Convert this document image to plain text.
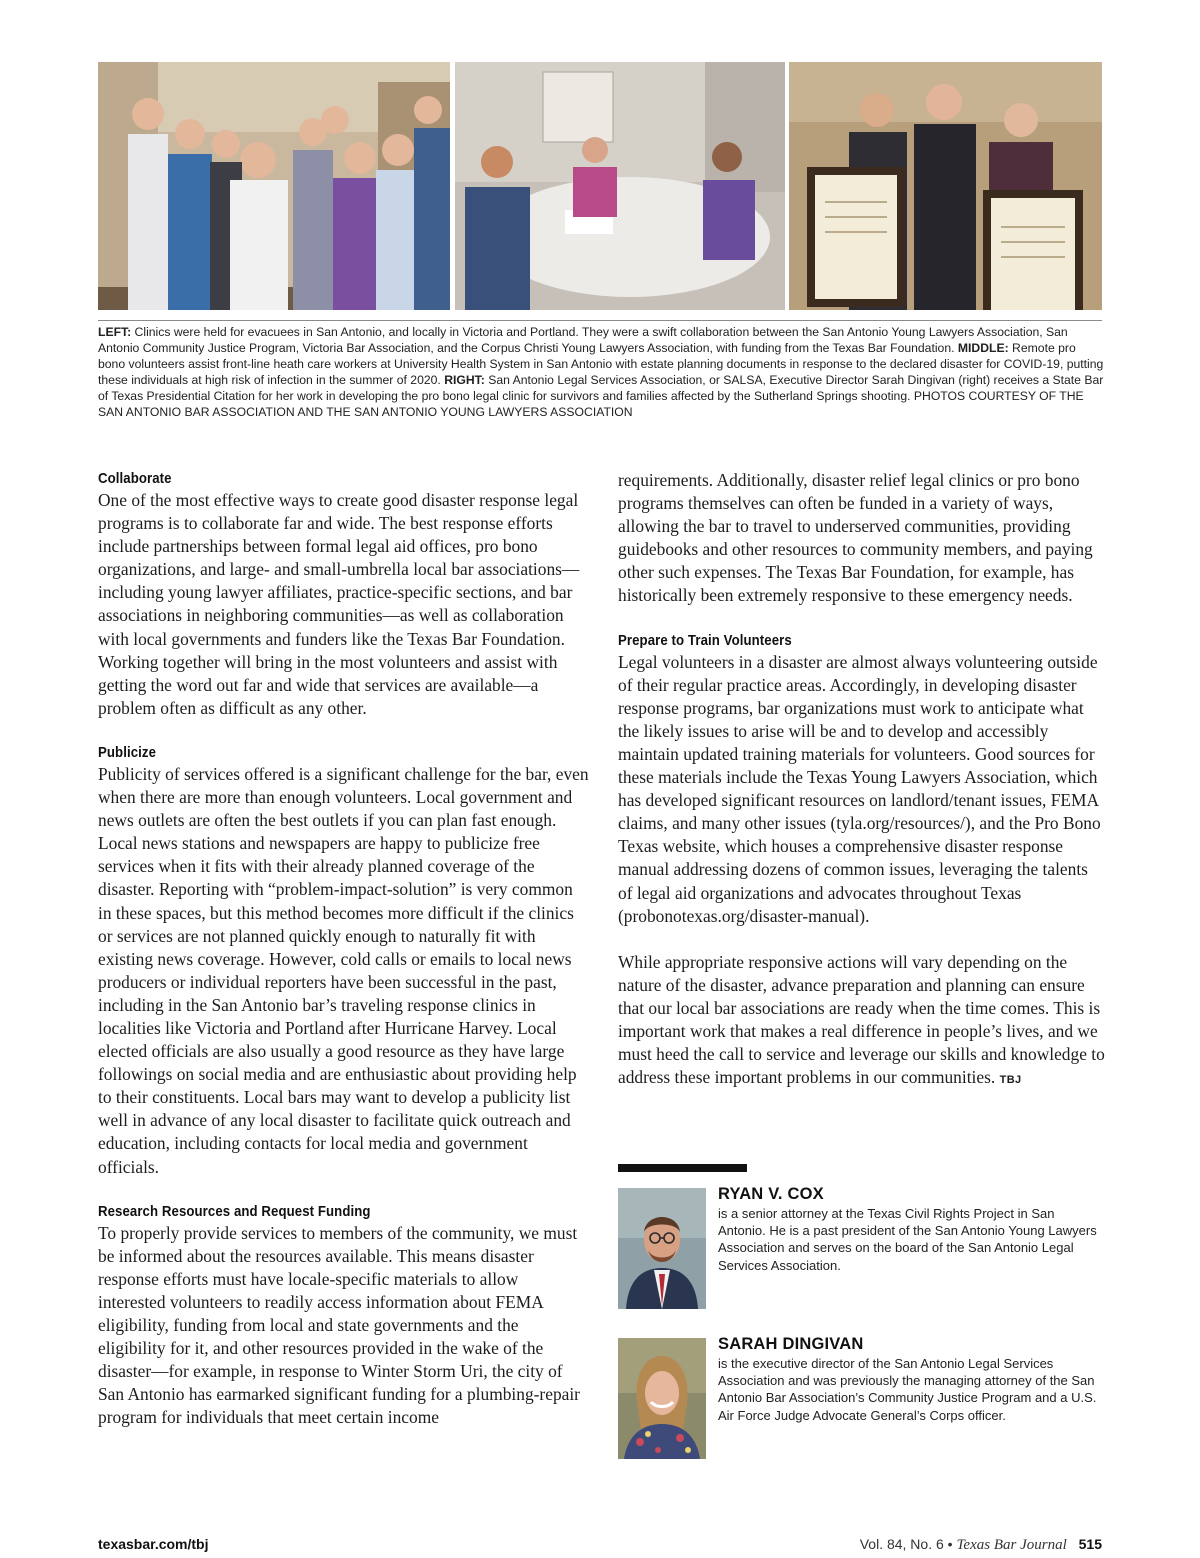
LEFT: Clinics were held for evacuees in San Antonio, and locally in Victoria and Portland. They were a swift collaboration between the San Antonio Young Lawyers Association, San Antonio Community Justice Program, Victoria Bar Association, and the Corpus Christi Young Lawyers Association, with funding from the Texas Bar Foundation. MIDDLE: Remote pro bono volunteers assist front-line heath care workers at University Health System in San Antonio with estate planning documents in response to the declared disaster for COVID-19, putting these individuals at high risk of infection in the summer of 2020. RIGHT: San Antonio Legal Services Association, or SALSA, Executive Director Sarah Dingivan (right) receives a State Bar of Texas Presidential Citation for her work in developing the pro bono legal clinic for survivors and families affected by the Sutherland Springs shooting. PHOTOS COURTESY OF THE SAN ANTONIO BAR ASSOCIATION AND THE SAN ANTONIO YOUNG LAWYERS ASSOCIATION
Collaborate

One of the most effective ways to create good disaster response legal programs is to collaborate far and wide. The best response efforts include partnerships between formal legal aid offices, pro bono organizations, and large- and small-umbrella local bar associations—including young lawyer affiliates, practice-specific sections, and bar associations in neighboring communities—as well as collaboration with local governments and funders like the Texas Bar Foundation. Working together will bring in the most volunteers and assist with getting the word out far and wide that services are available—a problem often as difficult as any other.

Publicize

Publicity of services offered is a significant challenge for the bar, even when there are more than enough volunteers. Local government and news outlets are often the best outlets if you can plan fast enough. Local news stations and newspapers are happy to publicize free services when it fits with their already planned coverage of the disaster. Reporting with “problem-impact-solution” is very common in these spaces, but this method becomes more difficult if the clinics or services are not planned quickly enough to naturally fit with existing news coverage. However, cold calls or emails to local news producers or individual reporters have been successful in the past, including in the San Antonio bar’s traveling response clinics in localities like Victoria and Portland after Hurricane Harvey. Local elected officials are also usually a good resource as they have large followings on social media and are enthusiastic about providing help to their constituents. Local bars may want to develop a publicity list well in advance of any local disaster to facilitate quick outreach and education, including contacts for local media and government officials.

Research Resources and Request Funding

To properly provide services to members of the community, we must be informed about the resources available. This means disaster response efforts must have locale-specific materials to allow interested volunteers to readily access information about FEMA eligibility, funding from local and state governments and the eligibility for it, and other resources provided in the wake of the disaster—for example, in response to Winter Storm Uri, the city of San Antonio has earmarked significant funding for a plumbing-repair program for individuals that meet certain income

requirements. Additionally, disaster relief legal clinics or pro bono programs themselves can often be funded in a variety of ways, allowing the bar to travel to underserved communities, providing guidebooks and other resources to community members, and paying other such expenses. The Texas Bar Foundation, for example, has historically been extremely responsive to these emergency needs.

Prepare to Train Volunteers

Legal volunteers in a disaster are almost always volunteering outside of their regular practice areas. Accordingly, in developing disaster response programs, bar organizations must work to anticipate what the likely issues to arise will be and to develop and accessibly maintain updated training materials for volunteers. Good sources for these materials include the Texas Young Lawyers Association, which has developed significant resources on landlord/tenant issues, FEMA claims, and many other issues (tyla.org/resources/), and the Pro Bono Texas website, which houses a comprehensive disaster response manual addressing dozens of common issues, leveraging the talents of legal aid organizations and advocates throughout Texas (probonotexas.org/disaster-manual).

While appropriate responsive actions will vary depending on the nature of the disaster, advance preparation and planning can ensure that our local bar associations are ready when the time comes. This is important work that makes a real difference in people’s lives, and we must heed the call to service and leverage our skills and knowledge to address these important problems in our communities. TBJ

RYAN V. COX
is a senior attorney at the Texas Civil Rights Project in San Antonio. He is a past president of the San Antonio Young Lawyers Association and serves on the board of the San Antonio Legal Services Association.
SARAH DINGIVAN
is the executive director of the San Antonio Legal Services Association and was previously the managing attorney of the San Antonio Bar Association’s Community Justice Program and a U.S. Air Force Judge Advocate General’s Corps officer.
texasbar.com/tbj	Vol. 84, No. 6 • Texas Bar Journal 515
